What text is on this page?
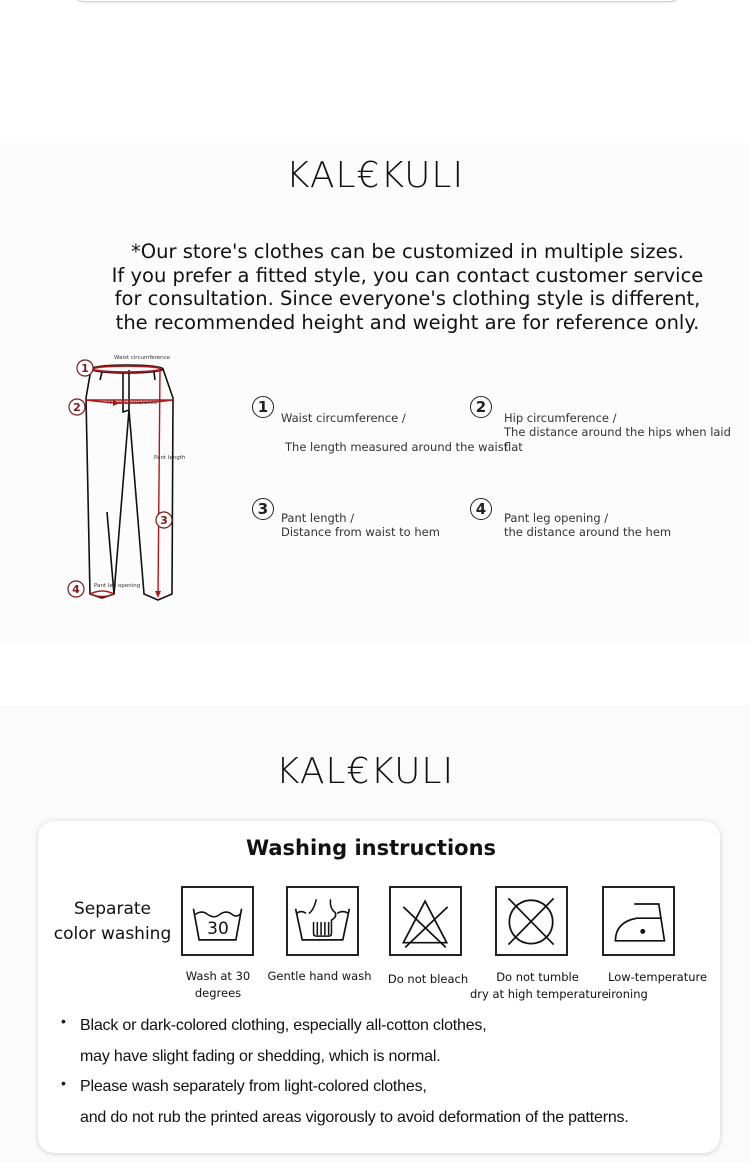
KAL€KULI
*Our store's clothes can be customized in multiple sizes.
If you prefer a fitted style, you can contact customer service
for consultation. Since everyone's clothing style is different,
the recommended height and weight are for reference only.
Waist circumference
Hip circumference
Pant length
Pant leg opening
1
2
3
4
1
Waist circumference /
The length measured around the waist
2
Hip circumference /
The distance around the hips when laid flat
3	Pant length /
Distance from waist to hem
4	Pant leg opening /
the distance around the hem
KAL€KULI
Washing instructions
Separate
color washing 30
Wash at 30
degrees
Gentle hand wash	Do not bleach	Do not tumble
dry at high temperature
Low-temperature
ironing
• Black or dark-colored clothing, especially all-cotton clothes,
may have slight fading or shedding, which is normal.
• Please wash separately from light-colored clothes,
and do not rub the printed areas vigorously to avoid deformation of the patterns.
